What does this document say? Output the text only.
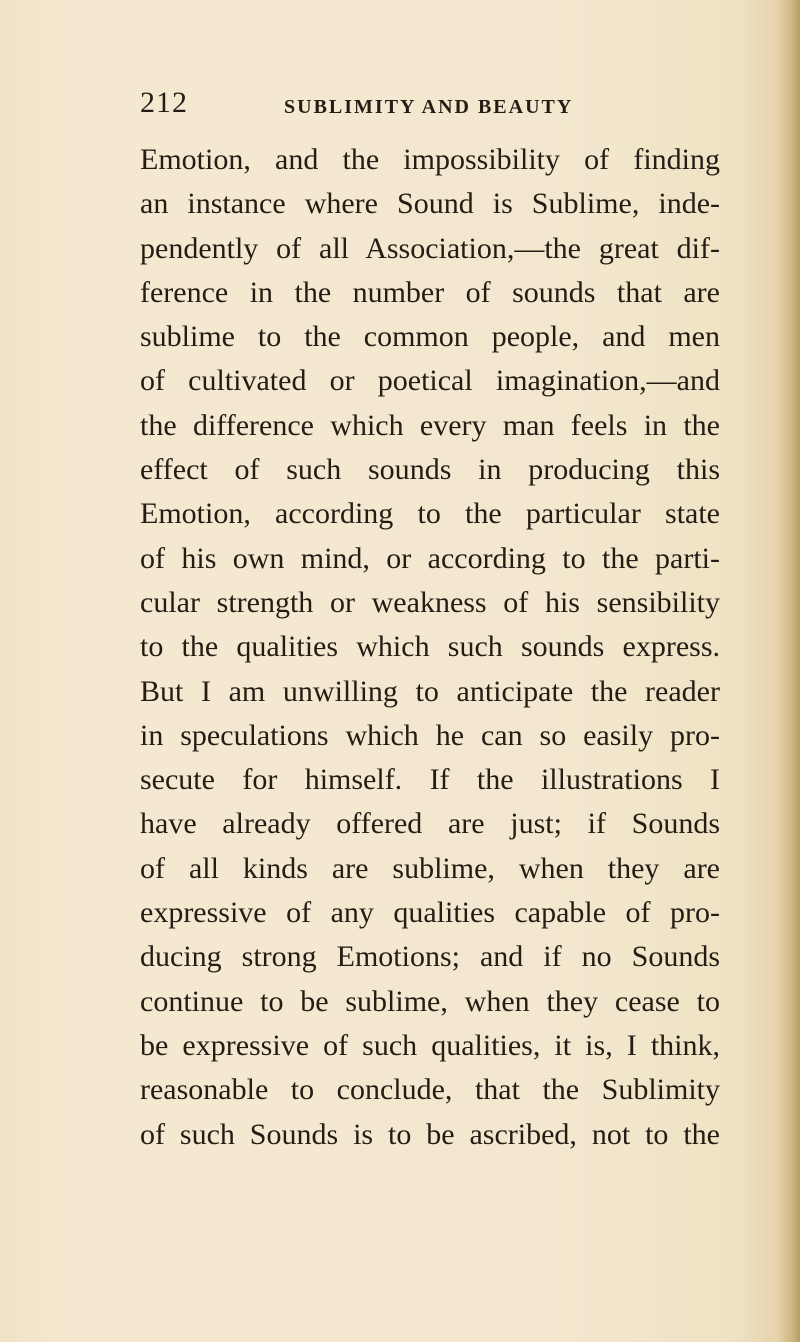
212	SUBLIMITY AND BEAUTY
Emotion, and the impossibility of finding
an instance where Sound is Sublime, inde-
pendently of all Association,—the great dif-
ference in the number of sounds that are
sublime to the common people, and men
of cultivated or poetical imagination,—and
the difference which every man feels in the
effect of such sounds in producing this
Emotion, according to the particular state
of his own mind, or according to the parti-
cular strength or weakness of his sensibility
to the qualities which such sounds express.
But I am unwilling to anticipate the reader
in speculations which he can so easily pro-
secute for himself. If the illustrations I
have already offered are just; if Sounds
of all kinds are sublime, when they are
expressive of any qualities capable of pro-
ducing strong Emotions; and if no Sounds
continue to be sublime, when they cease to
be expressive of such qualities, it is, I think,
reasonable to conclude, that the Sublimity
of such Sounds is to be ascribed, not to the
